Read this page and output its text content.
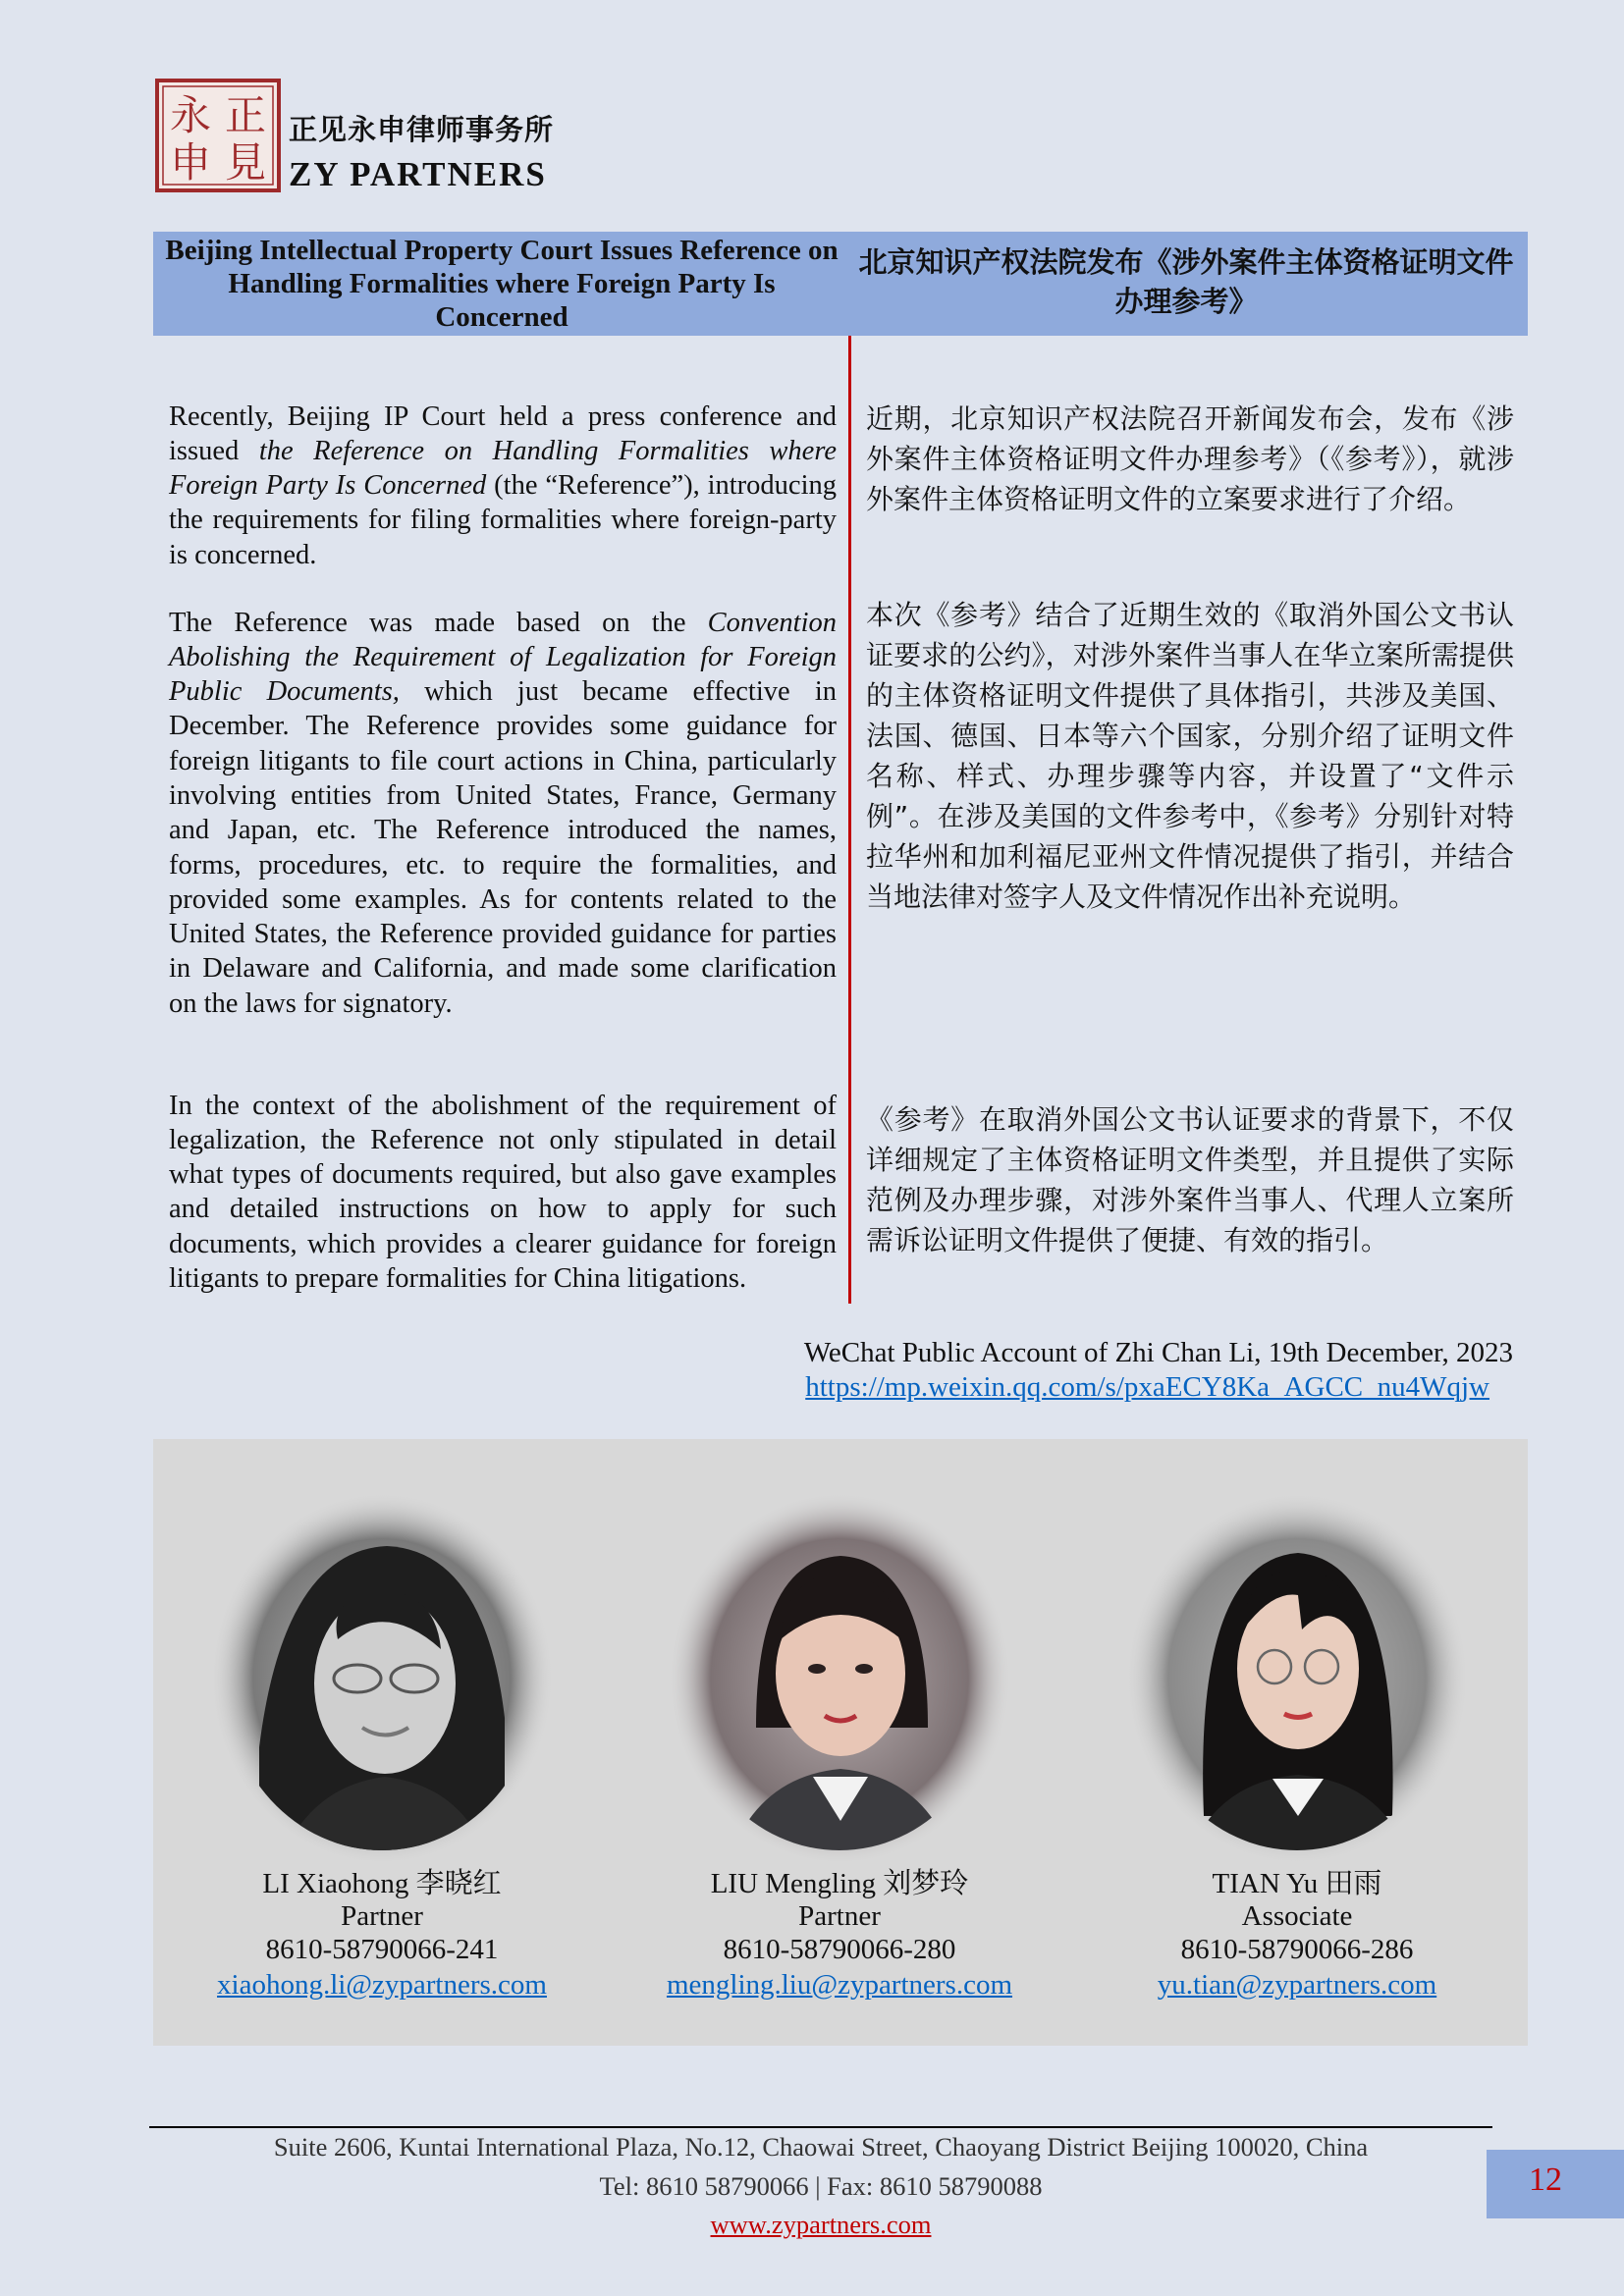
永 正
申 見
正见永申律师事务所
ZY PARTNERS
Beijing Intellectual Property Court Issues Reference on Handling Formalities where Foreign Party Is Concerned
北京知识产权法院发布《涉外案件主体资格证明文件办理参考》

Recently, Beijing IP Court held a press conference and issued the Reference on Handling Formalities where Foreign Party Is Concerned (the “Reference”), introducing the requirements for filing formalities where foreign-party is concerned.

The Reference was made based on the Convention Abolishing the Requirement of Legalization for Foreign Public Documents, which just became effective in December. The Reference provides some guidance for foreign litigants to file court actions in China, particularly involving entities from United States, France, Germany and Japan, etc. The Reference introduced the names, forms, procedures, etc. to require the formalities, and provided some examples. As for contents related to the United States, the Reference provided guidance for parties in Delaware and California, and made some clarification on the laws for signatory.

In the context of the abolishment of the requirement of legalization, the Reference not only stipulated in detail what types of documents required, but also gave examples and detailed instructions on how to apply for such documents, which provides a clearer guidance for foreign litigants to prepare formalities for China litigations.

近期，北京知识产权法院召开新闻发布会，发布《涉外案件主体资格证明文件办理参考》（《参考》），就涉外案件主体资格证明文件的立案要求进行了介绍。

本次《参考》结合了近期生效的《取消外国公文书认证要求的公约》，对涉外案件当事人在华立案所需提供的主体资格证明文件提供了具体指引，共涉及美国、法国、德国、日本等六个国家，分别介绍了证明文件名称、样式、办理步骤等内容，并设置了“文件示例”。在涉及美国的文件参考中，《参考》分别针对特拉华州和加利福尼亚州文件情况提供了指引，并结合当地法律对签字人及文件情况作出补充说明。

《参考》在取消外国公文书认证要求的背景下，不仅详细规定了主体资格证明文件类型，并且提供了实际范例及办理步骤，对涉外案件当事人、代理人立案所需诉讼证明文件提供了便捷、有效的指引。

WeChat Public Account of Zhi Chan Li, 19th December, 2023
https://mp.weixin.qq.com/s/pxaECY8Ka_AGCC_nu4Wqjw
LI Xiaohong 李晓红
Partner
8610-58790066-241
xiaohong.li@zypartners.com
LIU Mengling 刘梦玲
Partner
8610-58790066-280
mengling.liu@zypartners.com
TIAN Yu 田雨
Associate
8610-58790066-286
yu.tian@zypartners.com
Suite 2606, Kuntai International Plaza, No.12, Chaowai Street, Chaoyang District Beijing 100020, China
Tel: 8610 58790066 | Fax: 8610 58790088
www.zypartners.com
12
